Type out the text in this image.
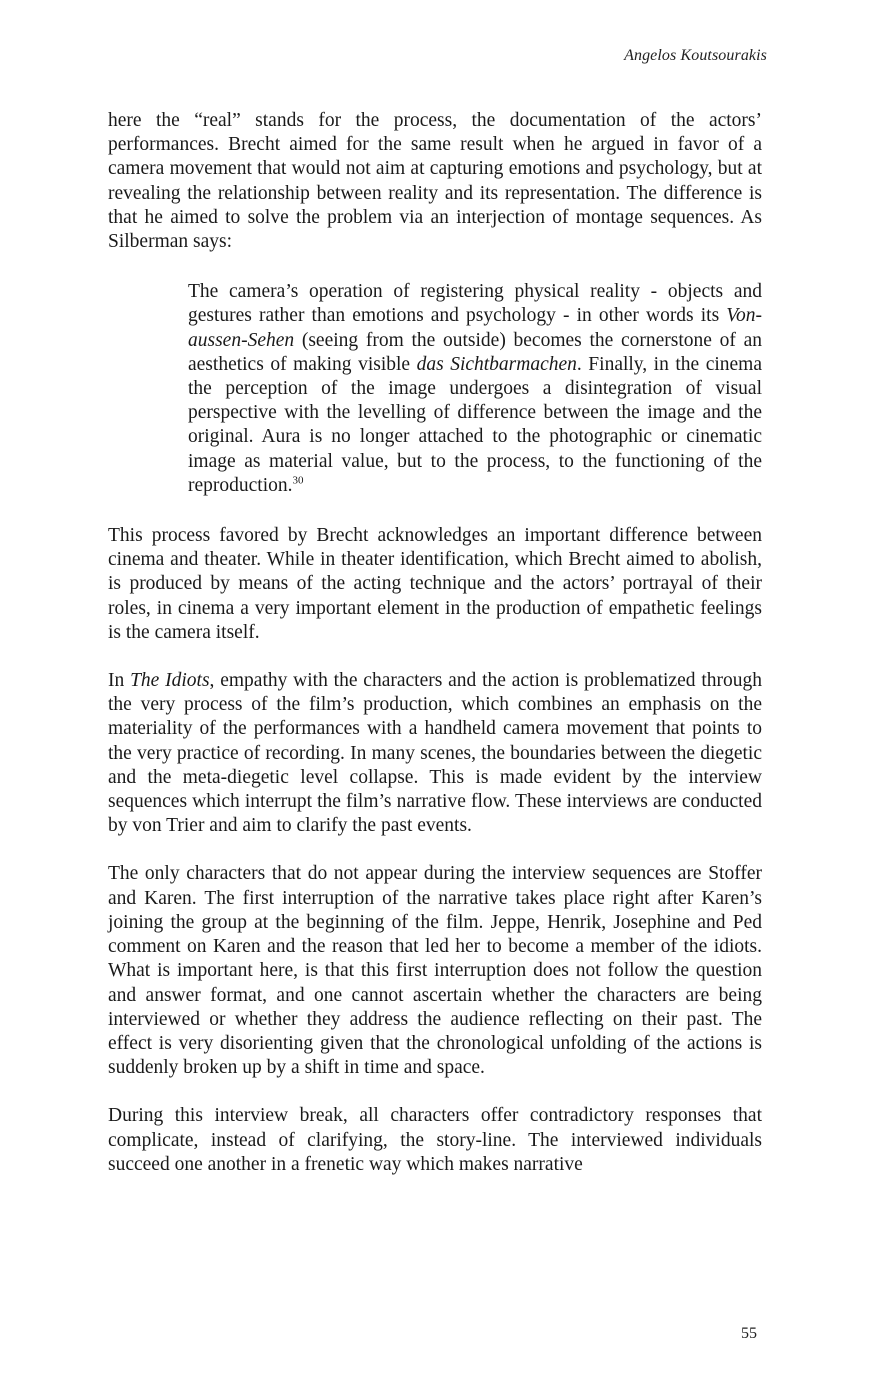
Angelos Koutsourakis

here the “real” stands for the process, the documentation of the actors’ performances. Brecht aimed for the same result when he argued in favor of a camera movement that would not aim at capturing emotions and psychology, but at revealing the relationship between reality and its representation. The difference is that he aimed to solve the problem via an interjection of montage sequences. As Silberman says:

The camera’s operation of registering physical reality - objects and gestures rather than emotions and psychology - in other words its Von-aussen-Sehen (seeing from the outside) becomes the cornerstone of an aesthetics of making visible das Sichtbarmachen. Finally, in the cinema the perception of the image undergoes a disintegration of visual perspective with the levelling of difference between the image and the original. Aura is no longer attached to the photographic or cinematic image as material value, but to the process, to the functioning of the reproduction.$^{30}$

This process favored by Brecht acknowledges an important difference between cinema and theater. While in theater identification, which Brecht aimed to abolish, is produced by means of the acting technique and the actors’ portrayal of their roles, in cinema a very important element in the production of empathetic feelings is the camera itself.

In The Idiots, empathy with the characters and the action is problematized through the very process of the film’s production, which combines an emphasis on the materiality of the performances with a handheld camera movement that points to the very practice of recording. In many scenes, the boundaries between the diegetic and the meta-diegetic level collapse. This is made evident by the interview sequences which interrupt the film’s narrative flow. These interviews are conducted by von Trier and aim to clarify the past events.

The only characters that do not appear during the interview sequences are Stoffer and Karen. The first interruption of the narrative takes place right after Karen’s joining the group at the beginning of the film. Jeppe, Henrik, Josephine and Ped comment on Karen and the reason that led her to become a member of the idiots. What is important here, is that this first interruption does not follow the question and answer format, and one cannot ascertain whether the characters are being interviewed or whether they address the audience reflecting on their past. The effect is very disorienting given that the chronological unfolding of the actions is suddenly broken up by a shift in time and space.

During this interview break, all characters offer contradictory responses that complicate, instead of clarifying, the story-line. The interviewed individuals succeed one another in a frenetic way which makes narrative

55
